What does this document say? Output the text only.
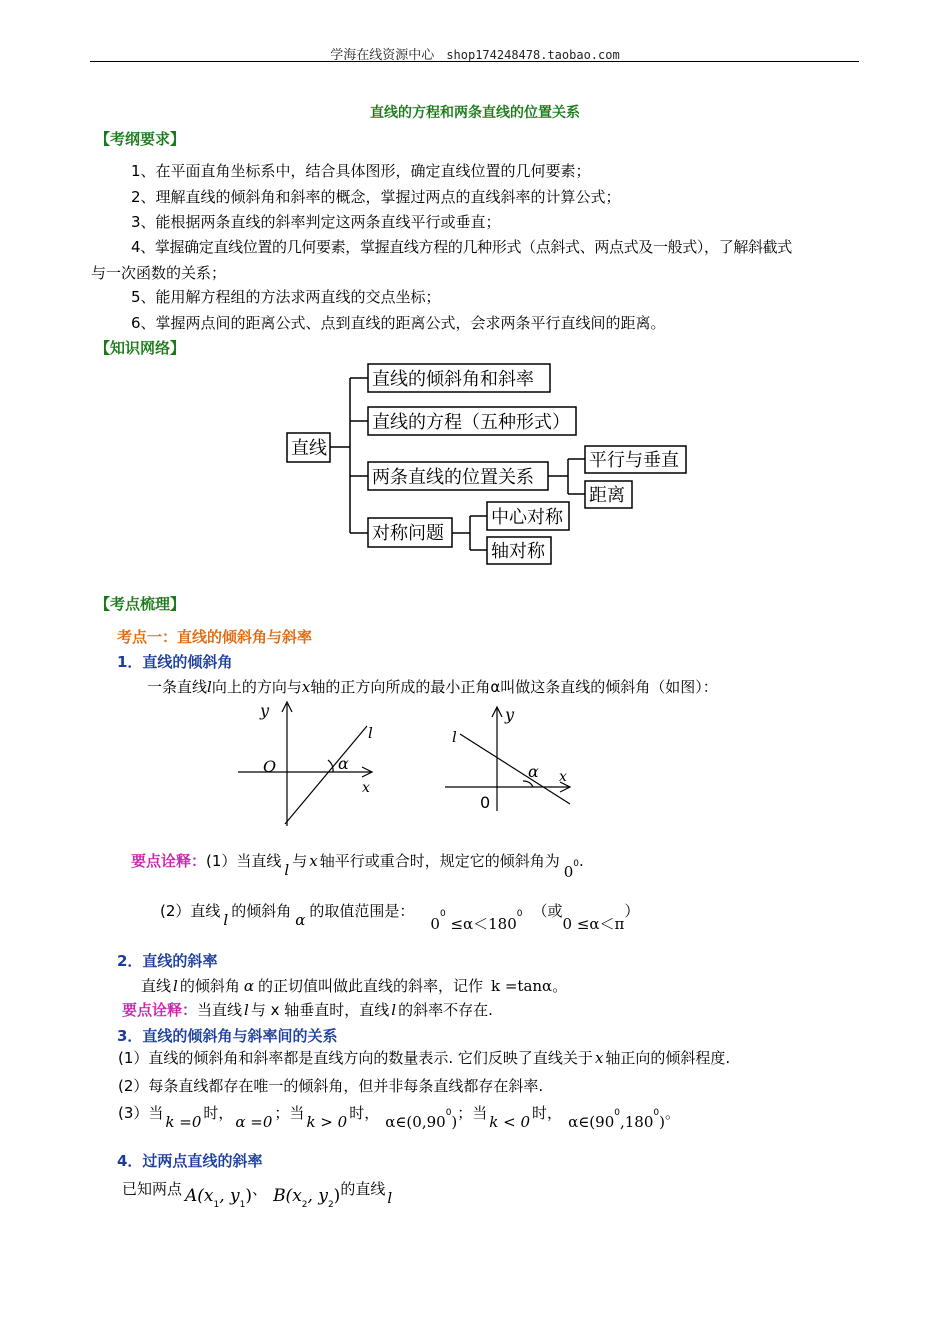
学海在线资源中心 shop174248478.taobao.com
直线的方程和两条直线的位置关系
【考纲要求】
1、在平面直角坐标系中，结合具体图形，确定直线位置的几何要素；
2、理解直线的倾斜角和斜率的概念，掌握过两点的直线斜率的计算公式；
3、能根据两条直线的斜率判定这两条直线平行或垂直；
4、掌握确定直线位置的几何要素，掌握直线方程的几种形式（点斜式、两点式及一般式），了解斜截式
与一次函数的关系；
5、能用解方程组的方法求两直线的交点坐标；
6、掌握两点间的距离公式、点到直线的距离公式，会求两条平行直线间的距离。
【知识网络】
直线
直线的倾斜角和斜率
直线的方程（五种形式）
两条直线的位置关系
平行与垂直
距离
对称问题
中心对称
轴对称
【考点梳理】
考点一：直线的倾斜角与斜率
1．直线的倾斜角
一条直线l向上的方向与x轴的正方向所成的最小正角α叫做这条直线的倾斜角（如图）：
y
O
l
α
x
y
0
l
α x
要点诠释：(1）当直线 l 与 x 轴平行或重合时，规定它的倾斜角为$0^0$.
(2）直线 l 的倾斜角 α 的取值范围是：$0^0 \le\alpha<180^0$ （或0 ≤α＜π）
2．直线的斜率
直线 l 的倾斜角 α 的正切值叫做此直线的斜率，记作 k =tanα。
要点诠释：当直线 l 与 x 轴垂直时，直线 l 的斜率不存在.
3．直线的倾斜角与斜率间的关系
(1）直线的倾斜角和斜率都是直线方向的数量表示. 它们反映了直线关于 x 轴正向的倾斜程度.
(2）每条直线都存在唯一的倾斜角，但并非每条直线都存在斜率.
(3）当 k =0 时， α =0 ；当 k > 0 时， α∈(0,90$^0$)；当 k < 0 时， $\alpha\in(90^0,180^0)$。
4．过两点直线的斜率
已知两点 $A(x_1$, $y_1$)、 $B(x_2$, $y_2$)的直线 l
